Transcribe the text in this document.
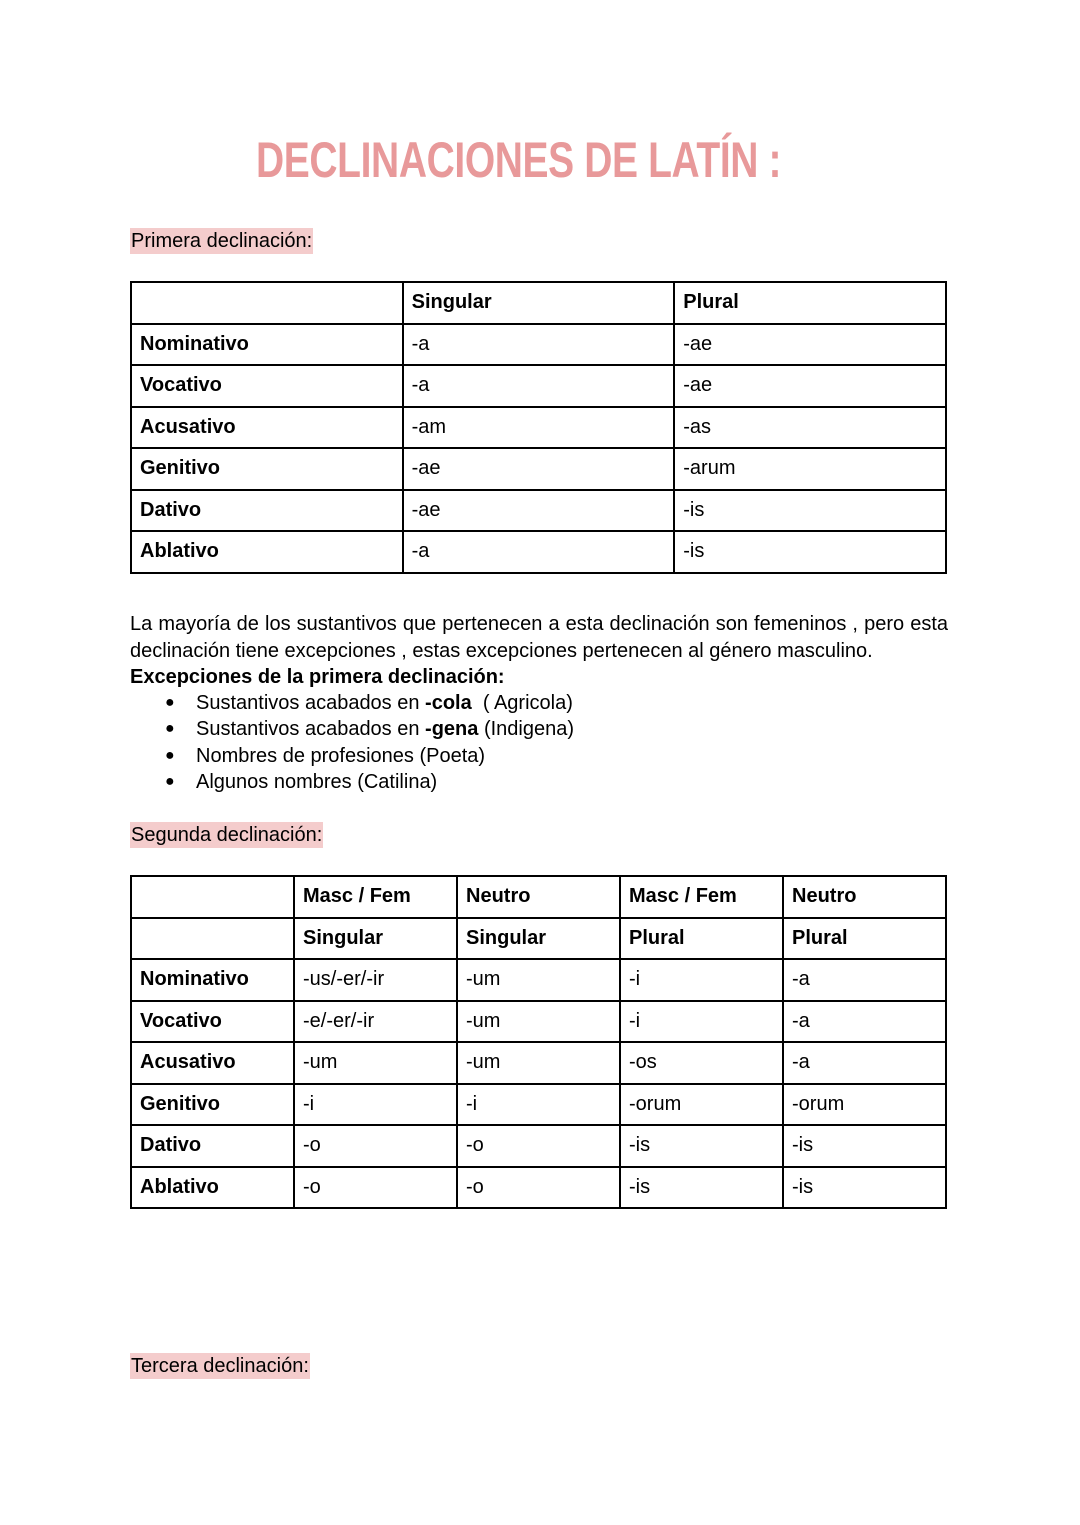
DECLINACIONES DE LATÍN :
Primera declinación:
	Singular	Plural
Nominativo	-a	-ae
Vocativo	-a	-ae
Acusativo	-am	-as
Genitivo	-ae	-arum
Dativo	-ae	-is
Ablativo	-a	-is

La mayoría de los sustantivos que pertenecen a esta declinación son femeninos , pero esta declinación tiene excepciones , estas excepciones pertenecen al género masculino.

Excepciones de la primera declinación:
● Sustantivos acabados en -cola  ( Agricola)
● Sustantivos acabados en -gena (Indigena)
● Nombres de profesiones (Poeta)
● Algunos nombres (Catilina)
Segunda declinación:
	Masc / Fem	Neutro	Masc / Fem	Neutro
	Singular	Singular	Plural	Plural
Nominativo	-us/-er/-ir	-um	-i	-a
Vocativo	-e/-er/-ir	-um	-i	-a
Acusativo	-um	-um	-os	-a
Genitivo	-i	-i	-orum	-orum
Dativo	-o	-o	-is	-is
Ablativo	-o	-o	-is	-is
Tercera declinación:
